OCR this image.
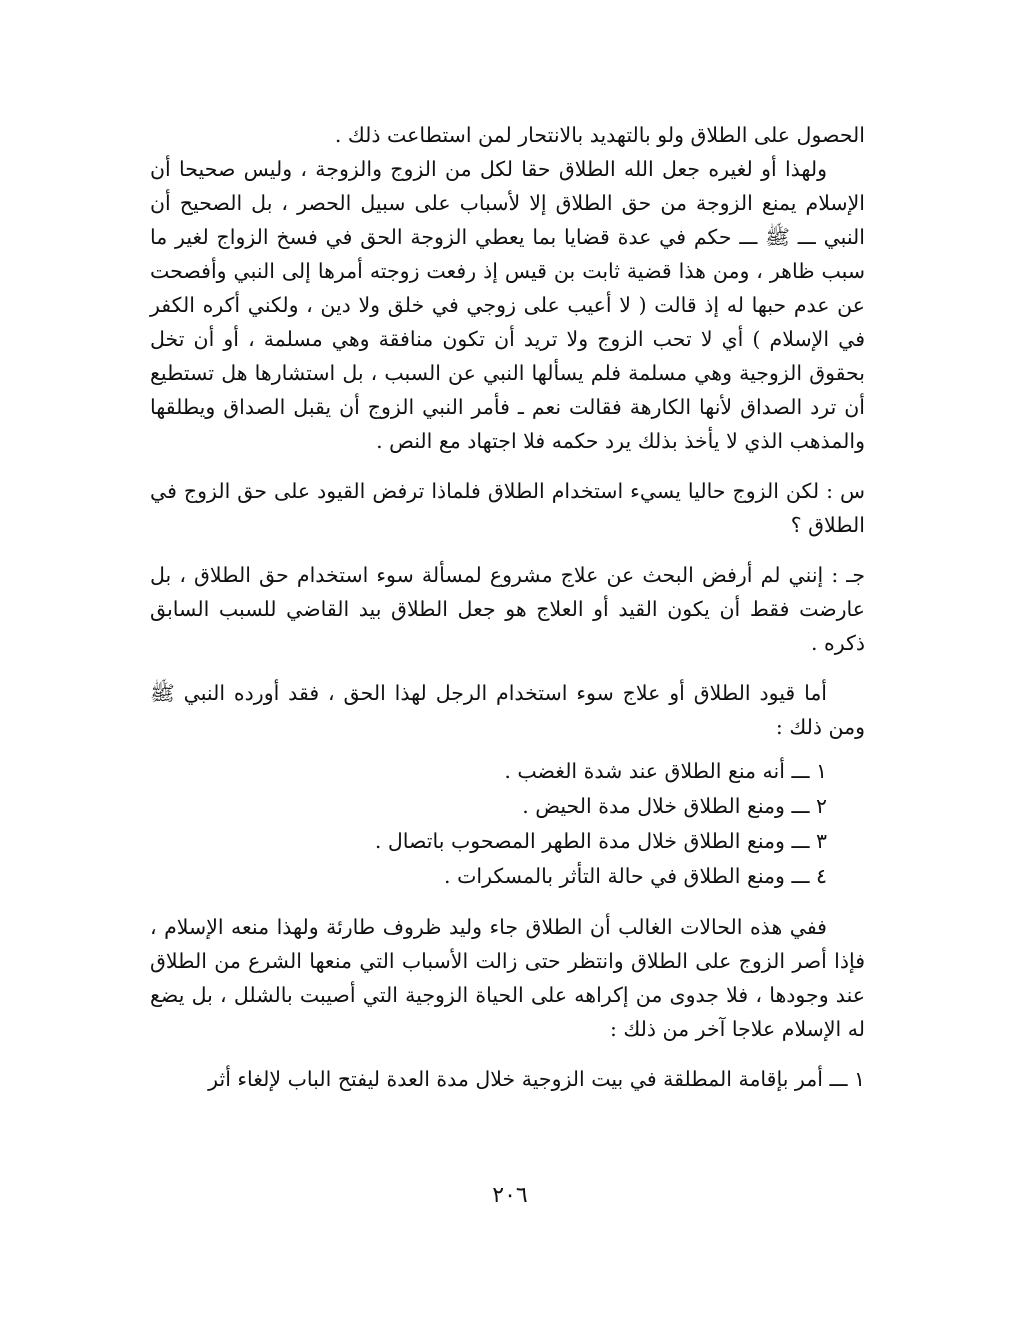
الحصول على الطلاق ولو بالتهديد بالانتحار لمن استطاعت ذلك .

ولهذا أو لغيره جعل الله الطلاق حقا لكل من الزوج والزوجة ، وليس صحيحا أن الإسلام يمنع الزوجة من حق الطلاق إلا لأسباب على سبيل الحصر ، بل الصحيح أن النبي ـــ ﷺ ـــ حكم في عدة قضايا بما يعطي الزوجة الحق في فسخ الزواج لغير ما سبب ظاهر ، ومن هذا قضية ثابت بن قيس إذ رفعت زوجته أمرها إلى النبي وأفصحت عن عدم حبها له إذ قالت ( لا أعيب على زوجي في خلق ولا دين ، ولكني أكره الكفر في الإسلام ) أي لا تحب الزوج ولا تريد أن تكون منافقة وهي مسلمة ، أو أن تخل بحقوق الزوجية وهي مسلمة فلم يسألها النبي عن السبب ، بل استشارها هل تستطيع أن ترد الصداق لأنها الكارهة فقالت نعم ـ فأمر النبي الزوج أن يقبل الصداق ويطلقها والمذهب الذي لا يأخذ بذلك يرد حكمه فلا اجتهاد مع النص .

س : لكن الزوج حاليا يسيء استخدام الطلاق فلماذا ترفض القيود على حق الزوج في الطلاق ؟

جـ : إنني لم أرفض البحث عن علاج مشروع لمسألة سوء استخدام حق الطلاق ، بل عارضت فقط أن يكون القيد أو العلاج هو جعل الطلاق بيد القاضي للسبب السابق ذكره .

أما قيود الطلاق أو علاج سوء استخدام الرجل لهذا الحق ، فقد أورده النبي ﷺ ومن ذلك :

١ ـــ أنه منع الطلاق عند شدة الغضب .

٢ ـــ ومنع الطلاق خلال مدة الحيض .

٣ ـــ ومنع الطلاق خلال مدة الطهر المصحوب باتصال .

٤ ـــ ومنع الطلاق في حالة التأثر بالمسكرات .

ففي هذه الحالات الغالب أن الطلاق جاء وليد ظروف طارئة ولهذا منعه الإسلام ، فإذا أصر الزوج على الطلاق وانتظر حتى زالت الأسباب التي منعها الشرع من الطلاق عند وجودها ، فلا جدوى من إكراهه على الحياة الزوجية التي أصيبت بالشلل ، بل يضع له الإسلام علاجا آخر من ذلك :

١ ـــ أمر بإقامة المطلقة في بيت الزوجية خلال مدة العدة ليفتح الباب لإلغاء أثر

٢٠٦
